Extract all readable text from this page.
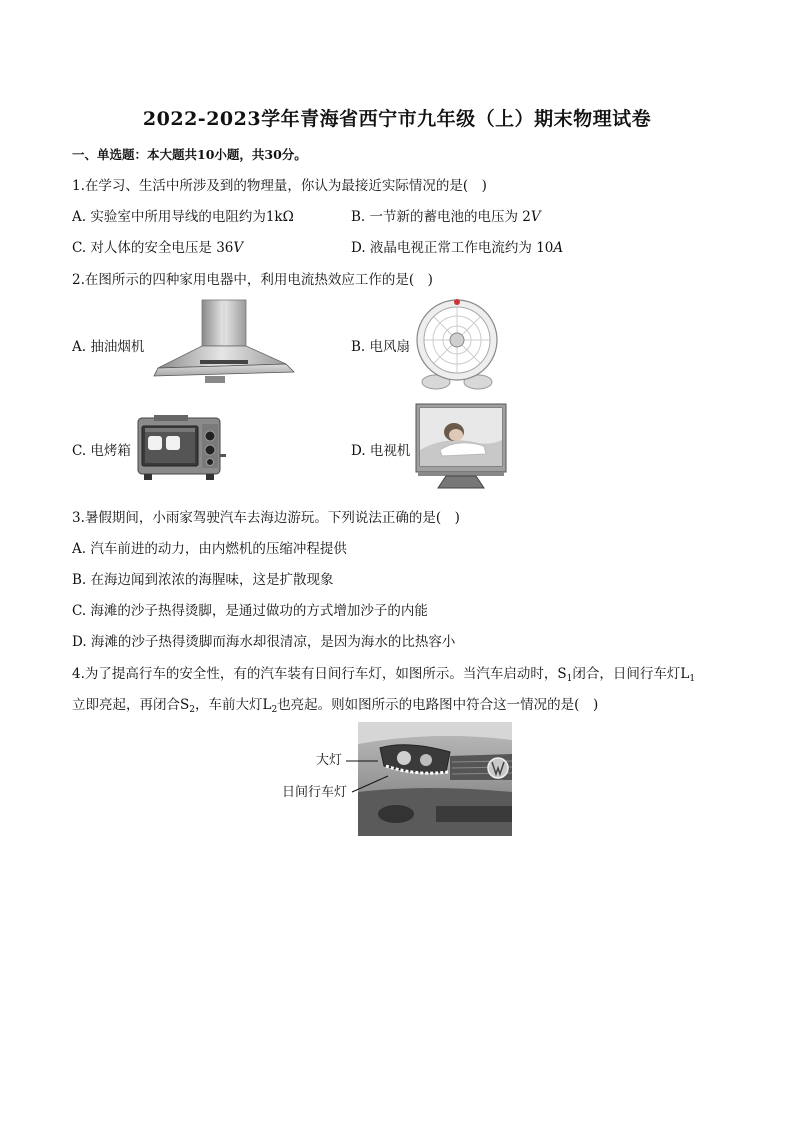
2022-2023学年青海省西宁市九年级（上）期末物理试卷
一、单选题：本大题共10小题，共30分。
1.在学习、生活中所涉及到的物理量，你认为最接近实际情况的是(　)
A. 实验室中所用导线的电阻约为1kΩ	B. 一节新的蓄电池的电压为 2V
C. 对人体的安全电压是 36V	D. 液晶电视正常工作电流约为 10A
2.在图所示的四种家用电器中，利用电流热效应工作的是(　)
A. 抽油烟机	B. 电风扇
C. 电烤箱	D. 电视机
3.暑假期间，小雨家驾驶汽车去海边游玩。下列说法正确的是(　)
A. 汽车前进的动力，由内燃机的压缩冲程提供
B. 在海边闻到浓浓的海腥味，这是扩散现象
C. 海滩的沙子热得烫脚，是通过做功的方式增加沙子的内能
D. 海滩的沙子热得烫脚而海水却很清凉，是因为海水的比热容小
4.为了提高行车的安全性，有的汽车装有日间行车灯，如图所示。当汽车启动时，$S_1$闭合，日间行车灯$L_1$
立即亮起，再闭合$S_2$，车前大灯$L_2$也亮起。则如图所示的电路图中符合这一情况的是(　)
大灯
日间行车灯
